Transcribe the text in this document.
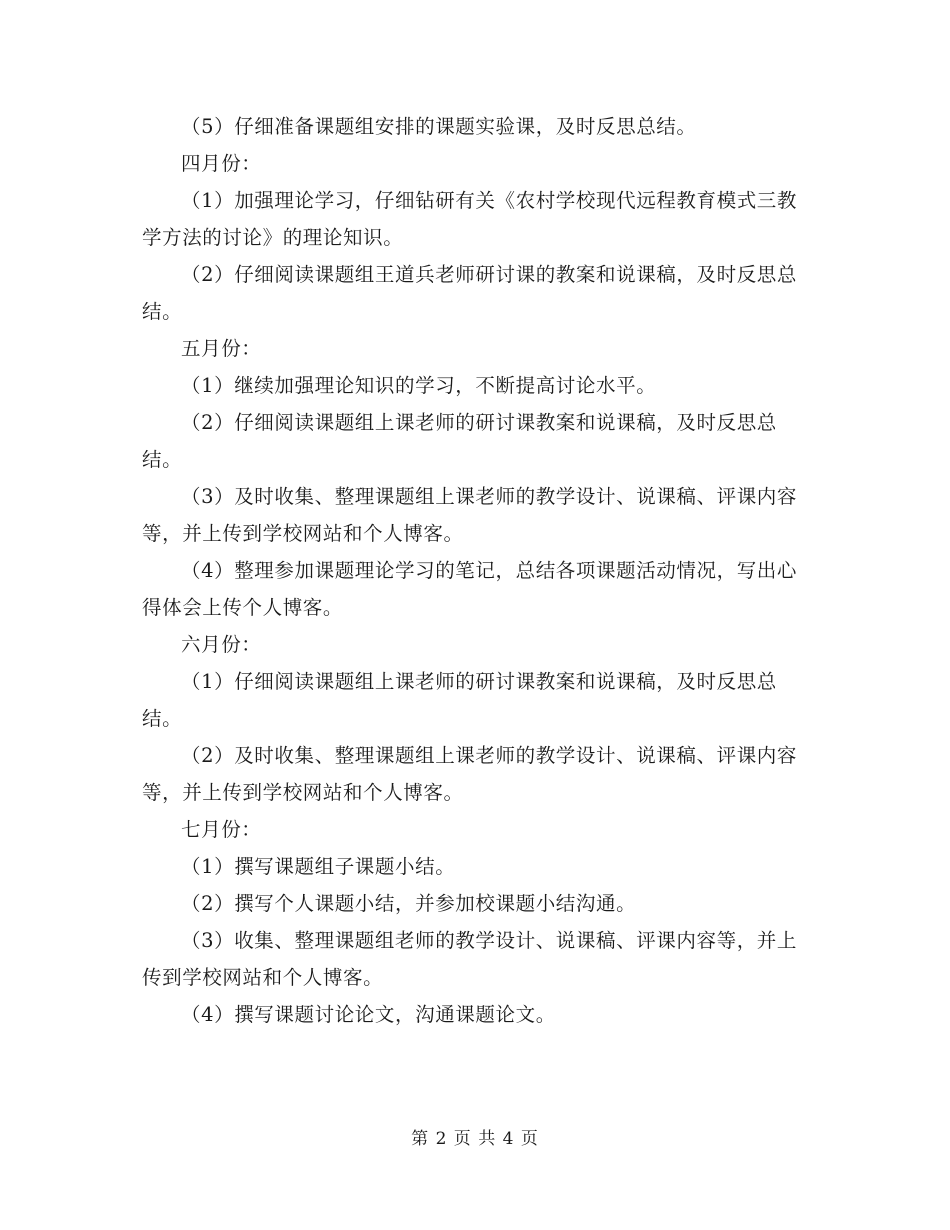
（5）仔细准备课题组安排的课题实验课，及时反思总结。

四月份：

（1）加强理论学习，仔细钻研有关《农村学校现代远程教育模式三教学方法的讨论》的理论知识。

（2）仔细阅读课题组王道兵老师研讨课的教案和说课稿，及时反思总结。

五月份：

（1）继续加强理论知识的学习，不断提高讨论水平。

（2）仔细阅读课题组上课老师的研讨课教案和说课稿，及时反思总结。

（3）及时收集、整理课题组上课老师的教学设计、说课稿、评课内容等，并上传到学校网站和个人博客。

（4）整理参加课题理论学习的笔记，总结各项课题活动情况，写出心得体会上传个人博客。

六月份：

（1）仔细阅读课题组上课老师的研讨课教案和说课稿，及时反思总结。

（2）及时收集、整理课题组上课老师的教学设计、说课稿、评课内容等，并上传到学校网站和个人博客。

七月份：

（1）撰写课题组子课题小结。

（2）撰写个人课题小结，并参加校课题小结沟通。

（3）收集、整理课题组老师的教学设计、说课稿、评课内容等，并上传到学校网站和个人博客。

（4）撰写课题讨论论文，沟通课题论文。

第 2 页 共 4 页
